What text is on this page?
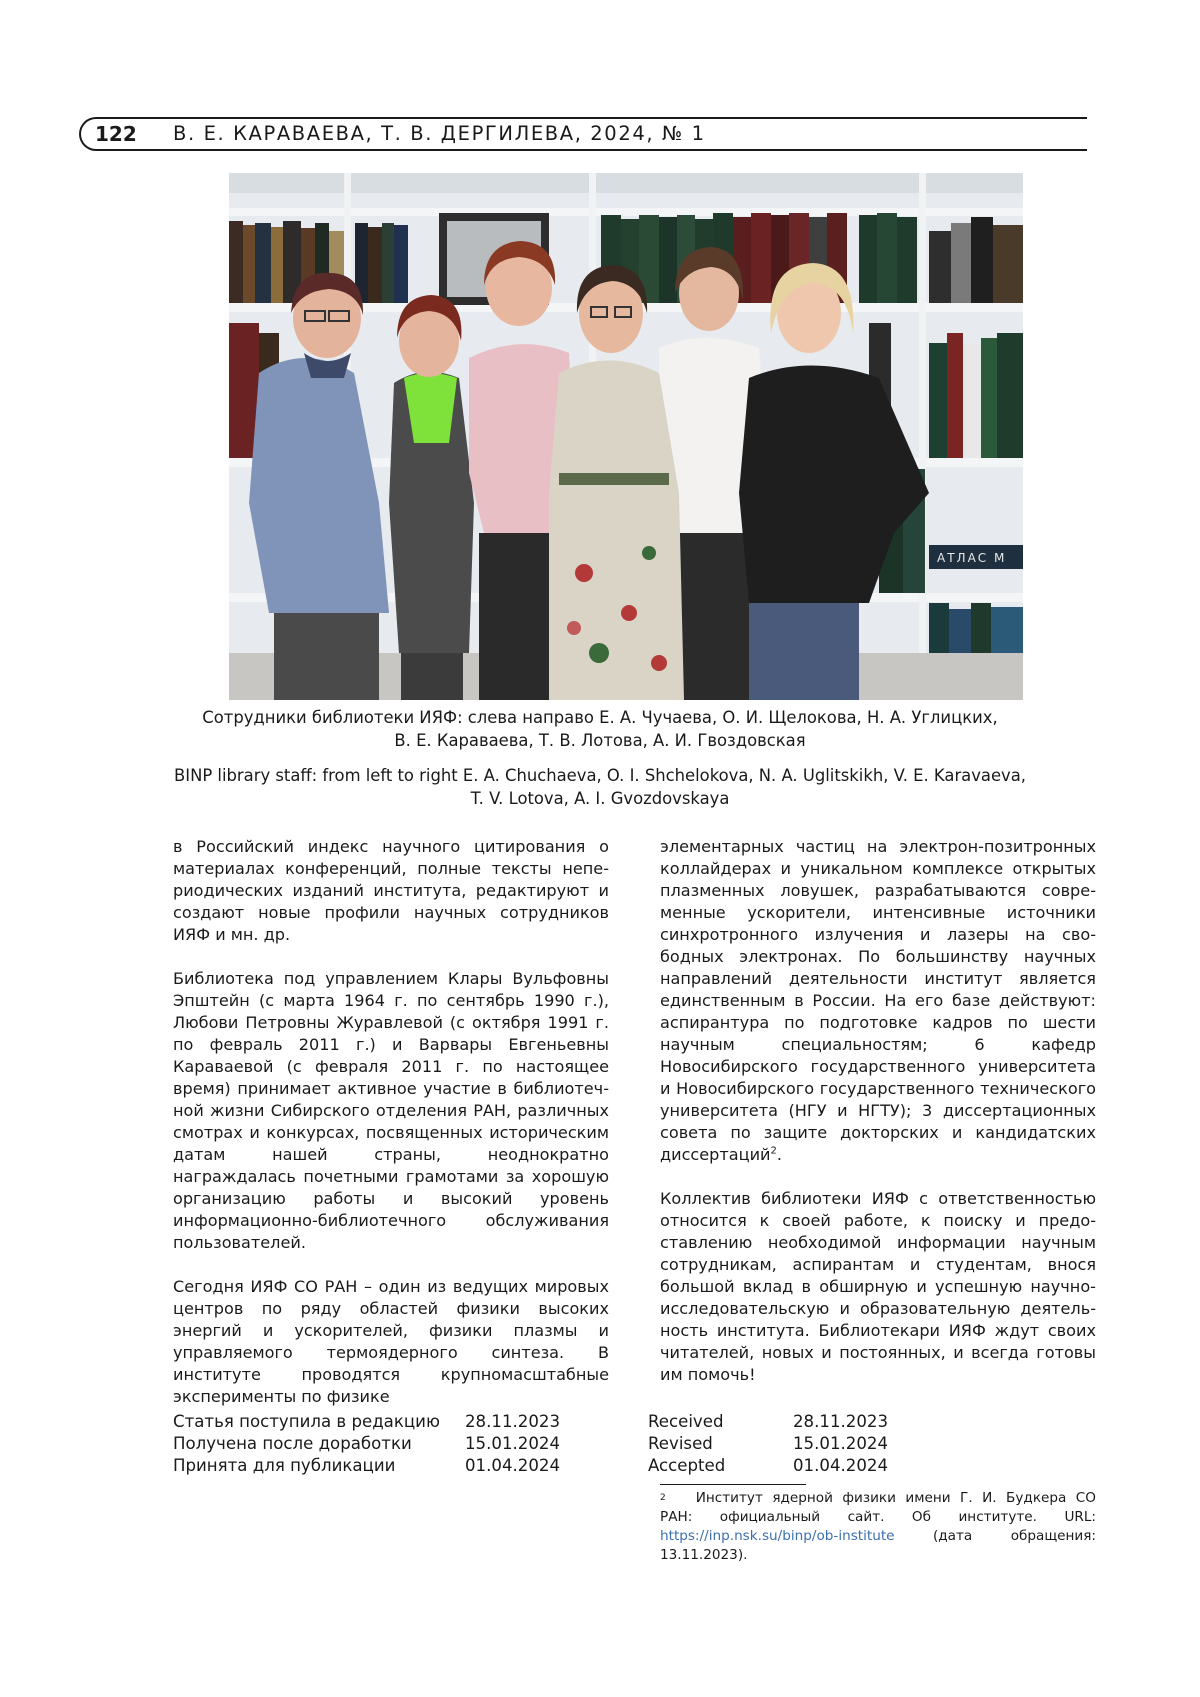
122 В. Е. КАРАВАЕВА, Т. В. ДЕРГИЛЕВА, 2024, № 1
АТЛАС М
Сотрудники библиотеки ИЯФ: слева направо Е. А. Чучаева, О. И. Щелокова, Н. А. Углицких,
В. Е. Караваева, Т. В. Лотова, А. И. Гвоздовская
BINP library staff: from left to right E. A. Chuchaeva, O. I. Shchelokova, N. A. Uglitskikh, V. E. Karavaeva,
T. V. Lotova, A. I. Gvozdovskaya

в Российский индекс научного цитирования о материалах конференций, полные тексты непериодических изданий института, редактируют и создают новые профили научных сотрудников ИЯФ и мн. др.

Библиотека под управлением Клары Вульфовны Эпштейн (с марта 1964 г. по сентябрь 1990 г.), Любови Петровны Журавлевой (с октября 1991 г. по февраль 2011 г.) и Варвары Евгеньевны Караваевой (с февраля 2011 г. по настоящее время) принимает активное участие в библиотечной жизни Сибирского отделения РАН, различных смотрах и конкурсах, посвященных историческим датам нашей страны, неоднократно награждалась почетными грамотами за хорошую организацию работы и высокий уровень информационно-библиотечного обслуживания пользователей.

Сегодня ИЯФ СО РАН – один из ведущих мировых центров по ряду областей физики высоких энергий и ускорителей, физики плазмы и управляемого термоядерного синтеза. В институте проводятся крупномасштабные эксперименты по физике

элементарных частиц на электрон-позитронных коллайдерах и уникальном комплексе открытых плазменных ловушек, разрабатываются современные ускорители, интенсивные источники синхротронного излучения и лазеры на свободных электронах. По большинству научных направлений деятельности институт является единственным в России. На его базе действуют: аспирантура по подготовке кадров по шести научным специальностям; 6 кафедр Новосибирского государственного университета и Новосибирского государственного технического университета (НГУ и НГТУ); 3 диссертационных совета по защите докторских и кандидатских диссертаций$^2$.

Коллектив библиотеки ИЯФ с ответственностью относится к своей работе, к поиску и предоставлению необходимой информации научным сотрудникам, аспирантам и студентам, внося большой вклад в обширную и успешную научно-исследовательскую и образовательную деятельность института. Библиотекари ИЯФ ждут своих читателей, новых и постоянных, и всегда готовы им помочь!

Статья поступила в редакцию	28.11.2023
Получена после доработки	15.01.2024
Принята для публикации	01.04.2024
Received	28.11.2023
Revised	15.01.2024
Accepted	01.04.2024
$^2$ Институт ядерной физики имени Г. И. Будкера СО РАН: официальный сайт. Об институте. URL: https://inp.nsk.su/binp/ob-institute (дата обращения: 13.11.2023).
